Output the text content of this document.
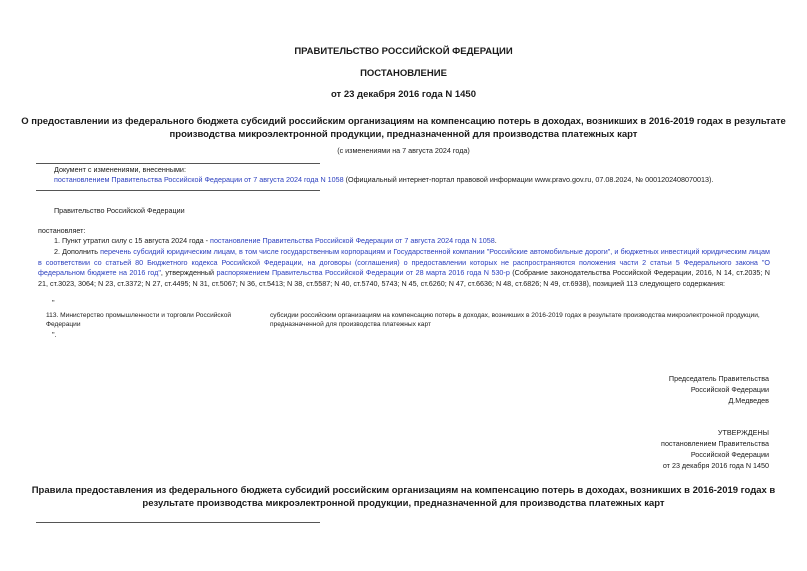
ПРАВИТЕЛЬСТВО РОССИЙСКОЙ ФЕДЕРАЦИИ
ПОСТАНОВЛЕНИЕ
от 23 декабря 2016 года N 1450
О предоставлении из федерального бюджета субсидий российским организациям на компенсацию потерь в доходах, возникших в 2016-2019 годах в результате
производства микроэлектронной продукции, предназначенной для производства платежных карт
(с изменениями на 7 августа 2024 года)
Документ с изменениями, внесенными:
постановлением Правительства Российской Федерации от 7 августа 2024 года N 1058 (Официальный интернет-портал правовой информации www.pravo.gov.ru, 07.08.2024, № 0001202408070013).
Правительство Российской Федерации
постановляет:
1. Пункт утратил силу с 15 августа 2024 года - постановление Правительства Российской Федерации от 7 августа 2024 года N 1058.
2. Дополнить перечень субсидий юридическим лицам, в том числе государственным корпорациям и Государственной компании "Российские автомобильные дороги", и бюджетных инвестиций юридическим лицам в соответствии со статьей 80 Бюджетного кодекса Российской Федерации, на договоры (соглашения) о предоставлении которых не распространяются положения части 2 статьи 5 Федерального закона "О федеральном бюджете на 2016 год", утвержденный распоряжением Правительства Российской Федерации от 28 марта 2016 года N 530-р (Собрание законодательства Российской Федерации, 2016, N 14, ст.2035; N 21, ст.3023, 3064; N 23, ст.3372; N 27, ст.4495; N 31, ст.5067; N 36, ст.5413; N 38, ст.5587; N 40, ст.5740, 5743; N 45, ст.6260; N 47, ст.6636; N 48, ст.6826; N 49, ст.6938), позицией 113 следующего содержания:
"
113. Министерство промышленности и торговли Российской Федерации
субсидии российским организациям на компенсацию потерь в доходах, возникших в 2016-2019 годах в результате производства микроэлектронной продукции, предназначенной для производства платежных карт
".
Председатель Правительства
Российской Федерации
Д.Медведев
УТВЕРЖДЕНЫ
постановлением Правительства
Российской Федерации
от 23 декабря 2016 года N 1450
Правила предоставления из федерального бюджета субсидий российским организациям на компенсацию потерь в доходах, возникших в 2016-2019 годах в
результате производства микроэлектронной продукции, предназначенной для производства платежных карт
